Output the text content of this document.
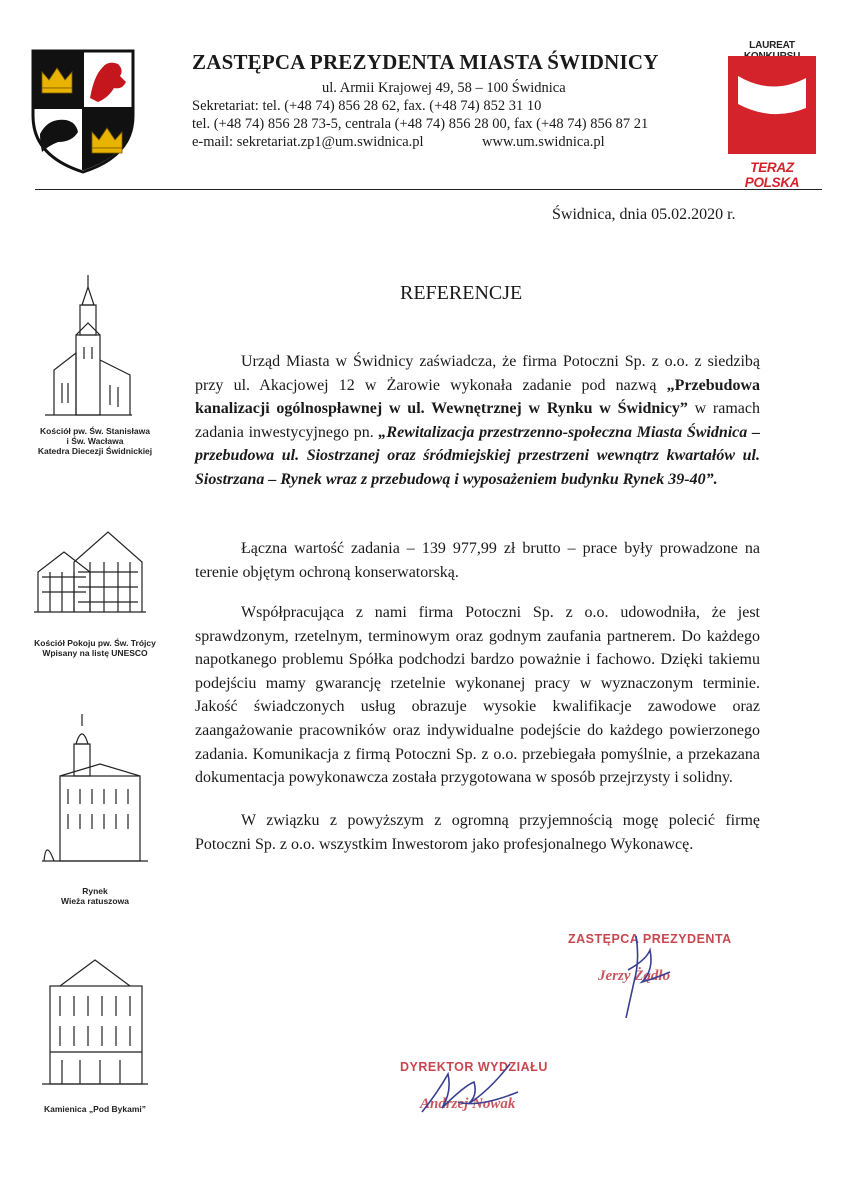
ZASTĘPCA PREZYDENTA MIASTA ŚWIDNICY
ul. Armii Krajowej 49, 58 – 100 Świdnica
Sekretariat: tel. (+48 74) 856 28 62, fax. (+48 74) 852 31 10
tel. (+48 74) 856 28 73-5, centrala (+48 74) 856 28 00, fax (+48 74) 856 87 21
e-mail: sekretariat.zp1@um.swidnica.pl	www.um.swidnica.pl
LAUREAT
TERAZ POLSKA
Świdnica, dnia 05.02.2020 r.
Kościół pw. Św. Stanisława
i Św. Wacława
Katedra Diecezji Świdnickiej
Kościół Pokoju pw. Św. Trójcy
Wpisany na listę UNESCO
Rynek
Wieża ratuszowa
Kamienica „Pod Bykami”
REFERENCJE

Urząd Miasta w Świdnicy zaświadcza, że firma Potoczni Sp. z o.o. z siedzibą przy ul. Akacjowej 12 w Żarowie wykonała zadanie pod nazwą „Przebudowa kanalizacji ogólnospławnej w ul. Wewnętrznej w Rynku w Świdnicy” w ramach zadania inwestycyjnego pn. „Rewitalizacja przestrzenno-społeczna Miasta Świdnica – przebudowa ul. Siostrzanej oraz śródmiejskiej przestrzeni wewnątrz kwartałów ul. Siostrzana – Rynek wraz z przebudową i wyposażeniem budynku Rynek 39-40”.

Łączna wartość zadania – 139 977,99 zł brutto – prace były prowadzone na terenie objętym ochroną konserwatorską.

Współpracująca z nami firma Potoczni Sp. z o.o. udowodniła, że jest sprawdzonym, rzetelnym, terminowym oraz godnym zaufania partnerem. Do każdego napotkanego problemu Spółka podchodzi bardzo poważnie i fachowo. Dzięki takiemu podejściu mamy gwarancję rzetelnie wykonanej pracy w wyznaczonym terminie. Jakość świadczonych usług obrazuje wysokie kwalifikacje zawodowe oraz zaangażowanie pracowników oraz indywidualne podejście do każdego powierzonego zadania. Komunikacja z firmą Potoczni Sp. z o.o. przebiegała pomyślnie, a przekazana dokumentacja powykonawcza została przygotowana w sposób przejrzysty i solidny.

W związku z powyższym z ogromną przyjemnością mogę polecić firmę Potoczni Sp. z o.o. wszystkim Inwestorom jako profesjonalnego Wykonawcę.

ZASTĘPCA PREZYDENTA
Jerzy Żądło
DYREKTOR WYDZIAŁU
Andrzej Nowak
